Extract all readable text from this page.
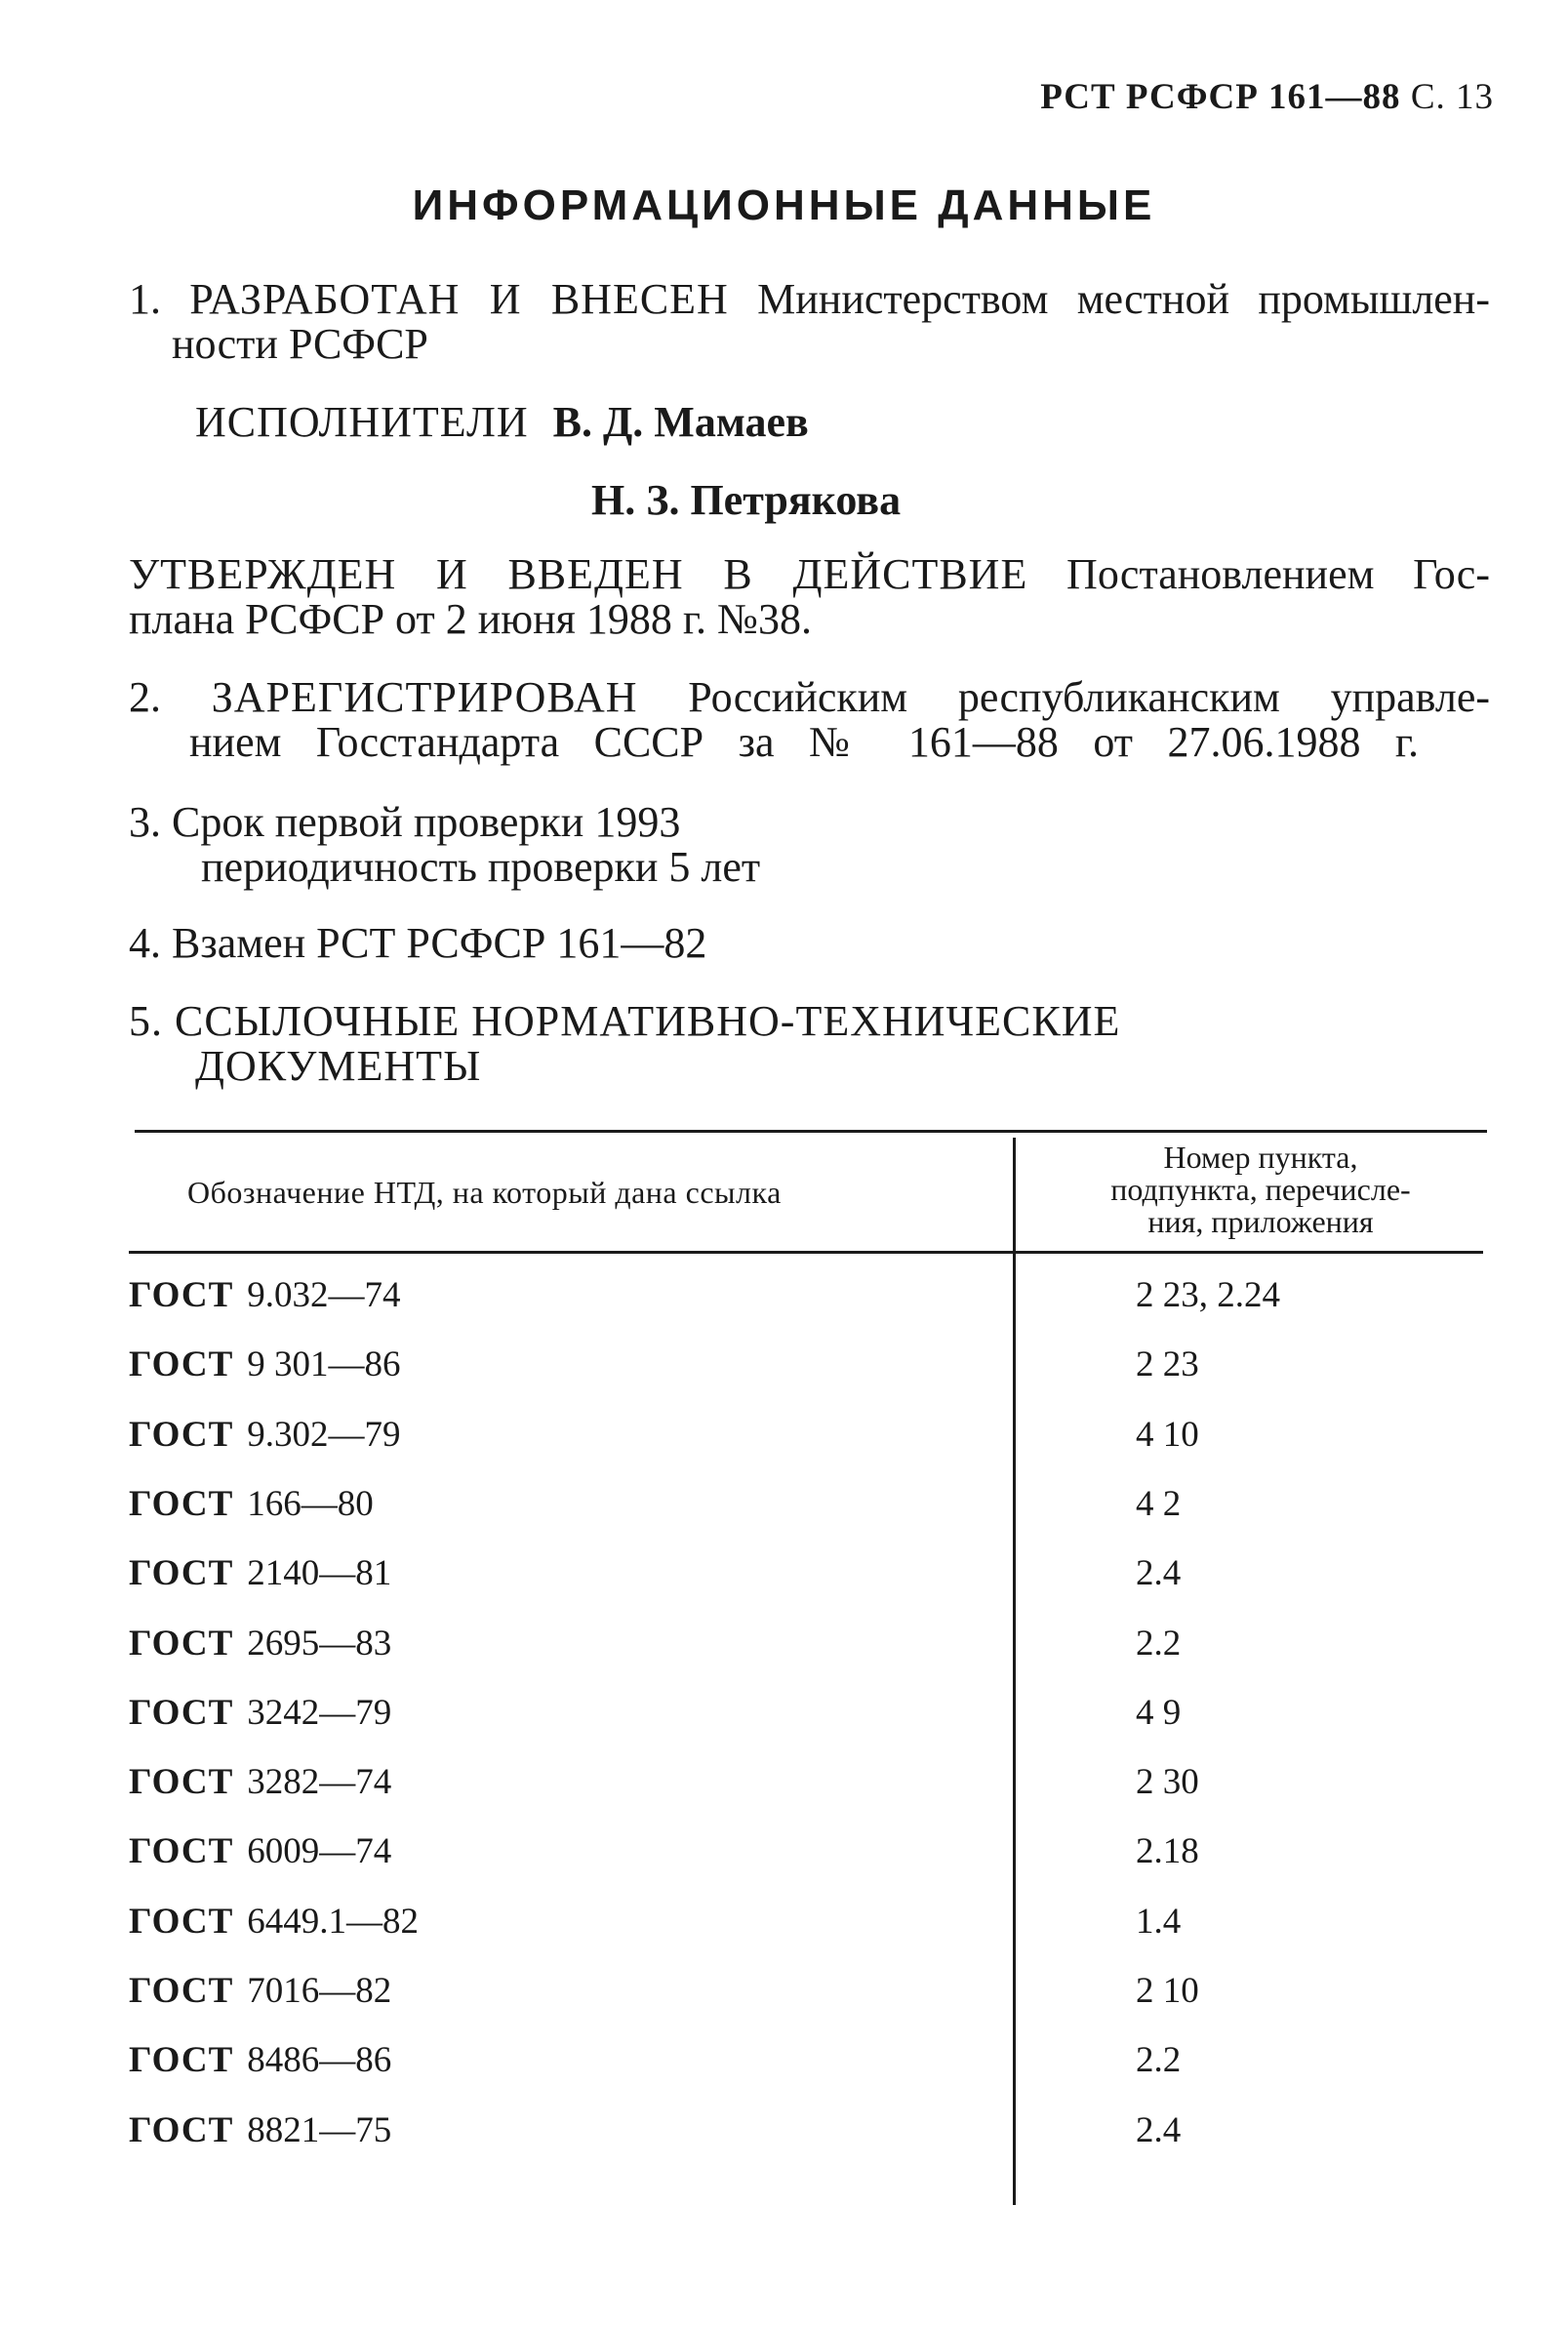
РСТ РСФСР 161—88 С. 13
ИНФОРМАЦИОННЫЕ ДАННЫЕ
1. РАЗРАБОТАН И ВНЕСЕН Министерством местной промышлен-
ности РСФСР
ИСПОЛНИТЕЛИ В. Д. Мамаев
Н. З. Петрякова
УТВЕРЖДЕН И ВВЕДЕН В ДЕЙСТВИЕ Постановлением Гос-
плана РСФСР от 2 июня 1988 г. №38.
2. ЗАРЕГИСТРИРОВАН Российским республиканским управле-
нием Госстандарта СССР за № 161—88 от 27.06.1988 г.
3. Срок первой проверки 1993
периодичность проверки 5 лет
4. Взамен РСТ РСФСР 161—82
5. ССЫЛОЧНЫЕ НОРМАТИВНО-ТЕХНИЧЕСКИЕ
ДОКУМЕНТЫ
Обозначение НТД, на который дана ссылка
Номер пункта,
подпункта, перечисле-
ния, приложения
ГОСТ 9.032—74	2 23, 2.24
ГОСТ 9 301—86	2 23
ГОСТ 9.302—79	4 10
ГОСТ 166—80	4 2
ГОСТ 2140—81	2.4
ГОСТ 2695—83	2.2
ГОСТ 3242—79	4 9
ГОСТ 3282—74	2 30
ГОСТ 6009—74	2.18
ГОСТ 6449.1—82	1.4
ГОСТ 7016—82	2 10
ГОСТ 8486—86	2.2
ГОСТ 8821—75	2.4
